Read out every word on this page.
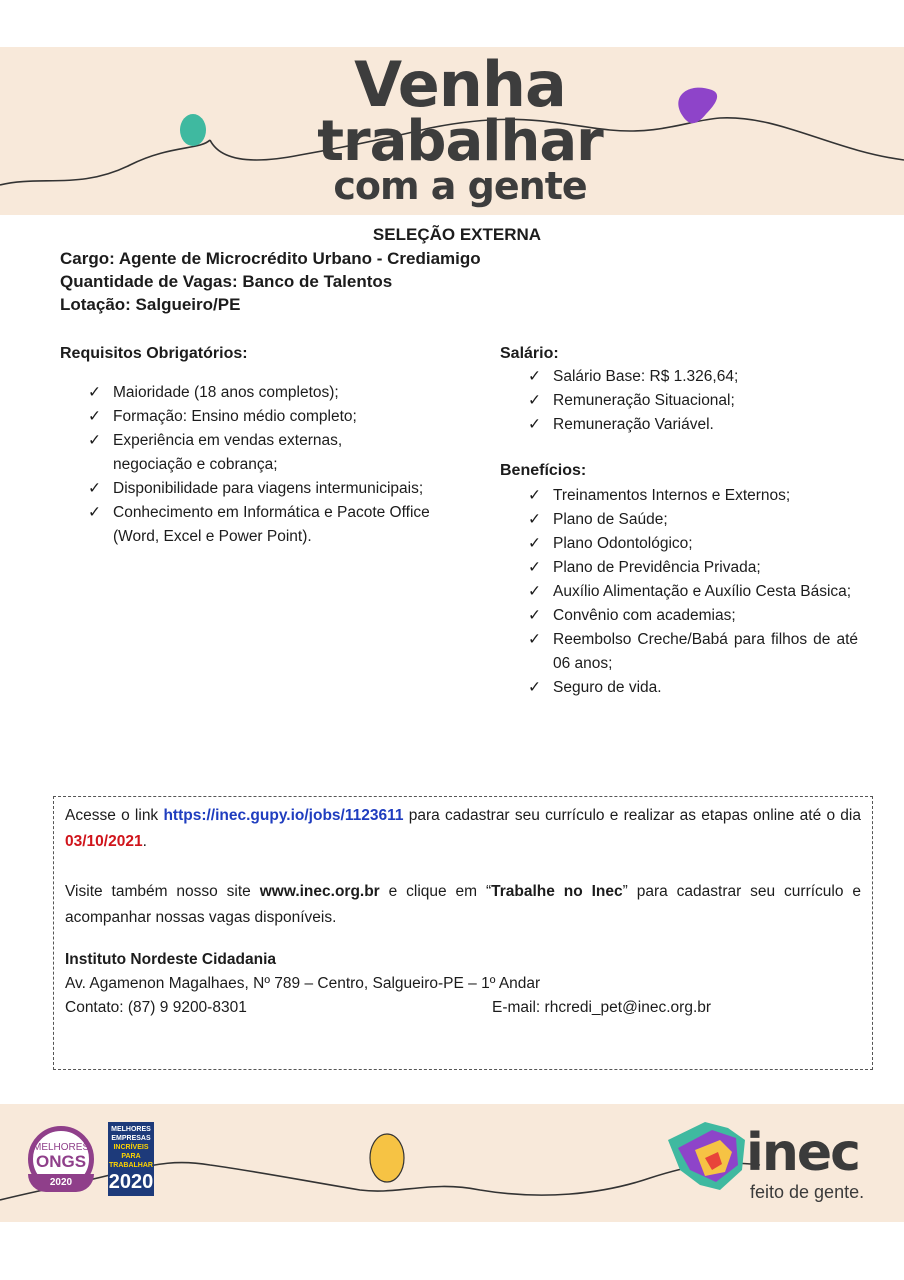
Venha
trabalhar
com a gente
SELEÇÃO EXTERNA
Cargo: Agente de Microcrédito Urbano - Crediamigo
Quantidade de Vagas: Banco de Talentos
Lotação: Salgueiro/PE
Requisitos Obrigatórios:
✓ Maioridade (18 anos completos);
✓ Formação: Ensino médio completo;
✓ Experiência em vendas externas, negociação e cobrança;
✓ Disponibilidade para viagens intermunicipais;
✓ Conhecimento em Informática e Pacote Office (Word, Excel e Power Point).
Salário:
✓ Salário Base: R$ 1.326,64;
✓ Remuneração Situacional;
✓ Remuneração Variável.
Benefícios:
✓ Treinamentos Internos e Externos;
✓ Plano de Saúde;
✓ Plano Odontológico;
✓ Plano de Previdência Privada;
✓ Auxílio Alimentação e Auxílio Cesta Básica;
✓ Convênio com academias;
✓ Reembolso Creche/Babá para filhos de até 06 anos;
✓ Seguro de vida.
Acesse o link https://inec.gupy.io/jobs/1123611 para cadastrar seu currículo e realizar as etapas online até o dia 03/10/2021.
Visite também nosso site www.inec.org.br e clique em “Trabalhe no Inec” para cadastrar seu currículo e acompanhar nossas vagas disponíveis.
Instituto Nordeste Cidadania
Av. Agamenon Magalhaes, Nº 789 – Centro, Salgueiro-PE – 1º Andar
Contato: (87) 9 9200-8301	E-mail: rhcredi_pet@inec.org.br
MELHORES
ONGS
2020
MELHORES EMPRESAS
INCRÍVEIS PARA TRABALHAR
2020	inec
feito de gente.
